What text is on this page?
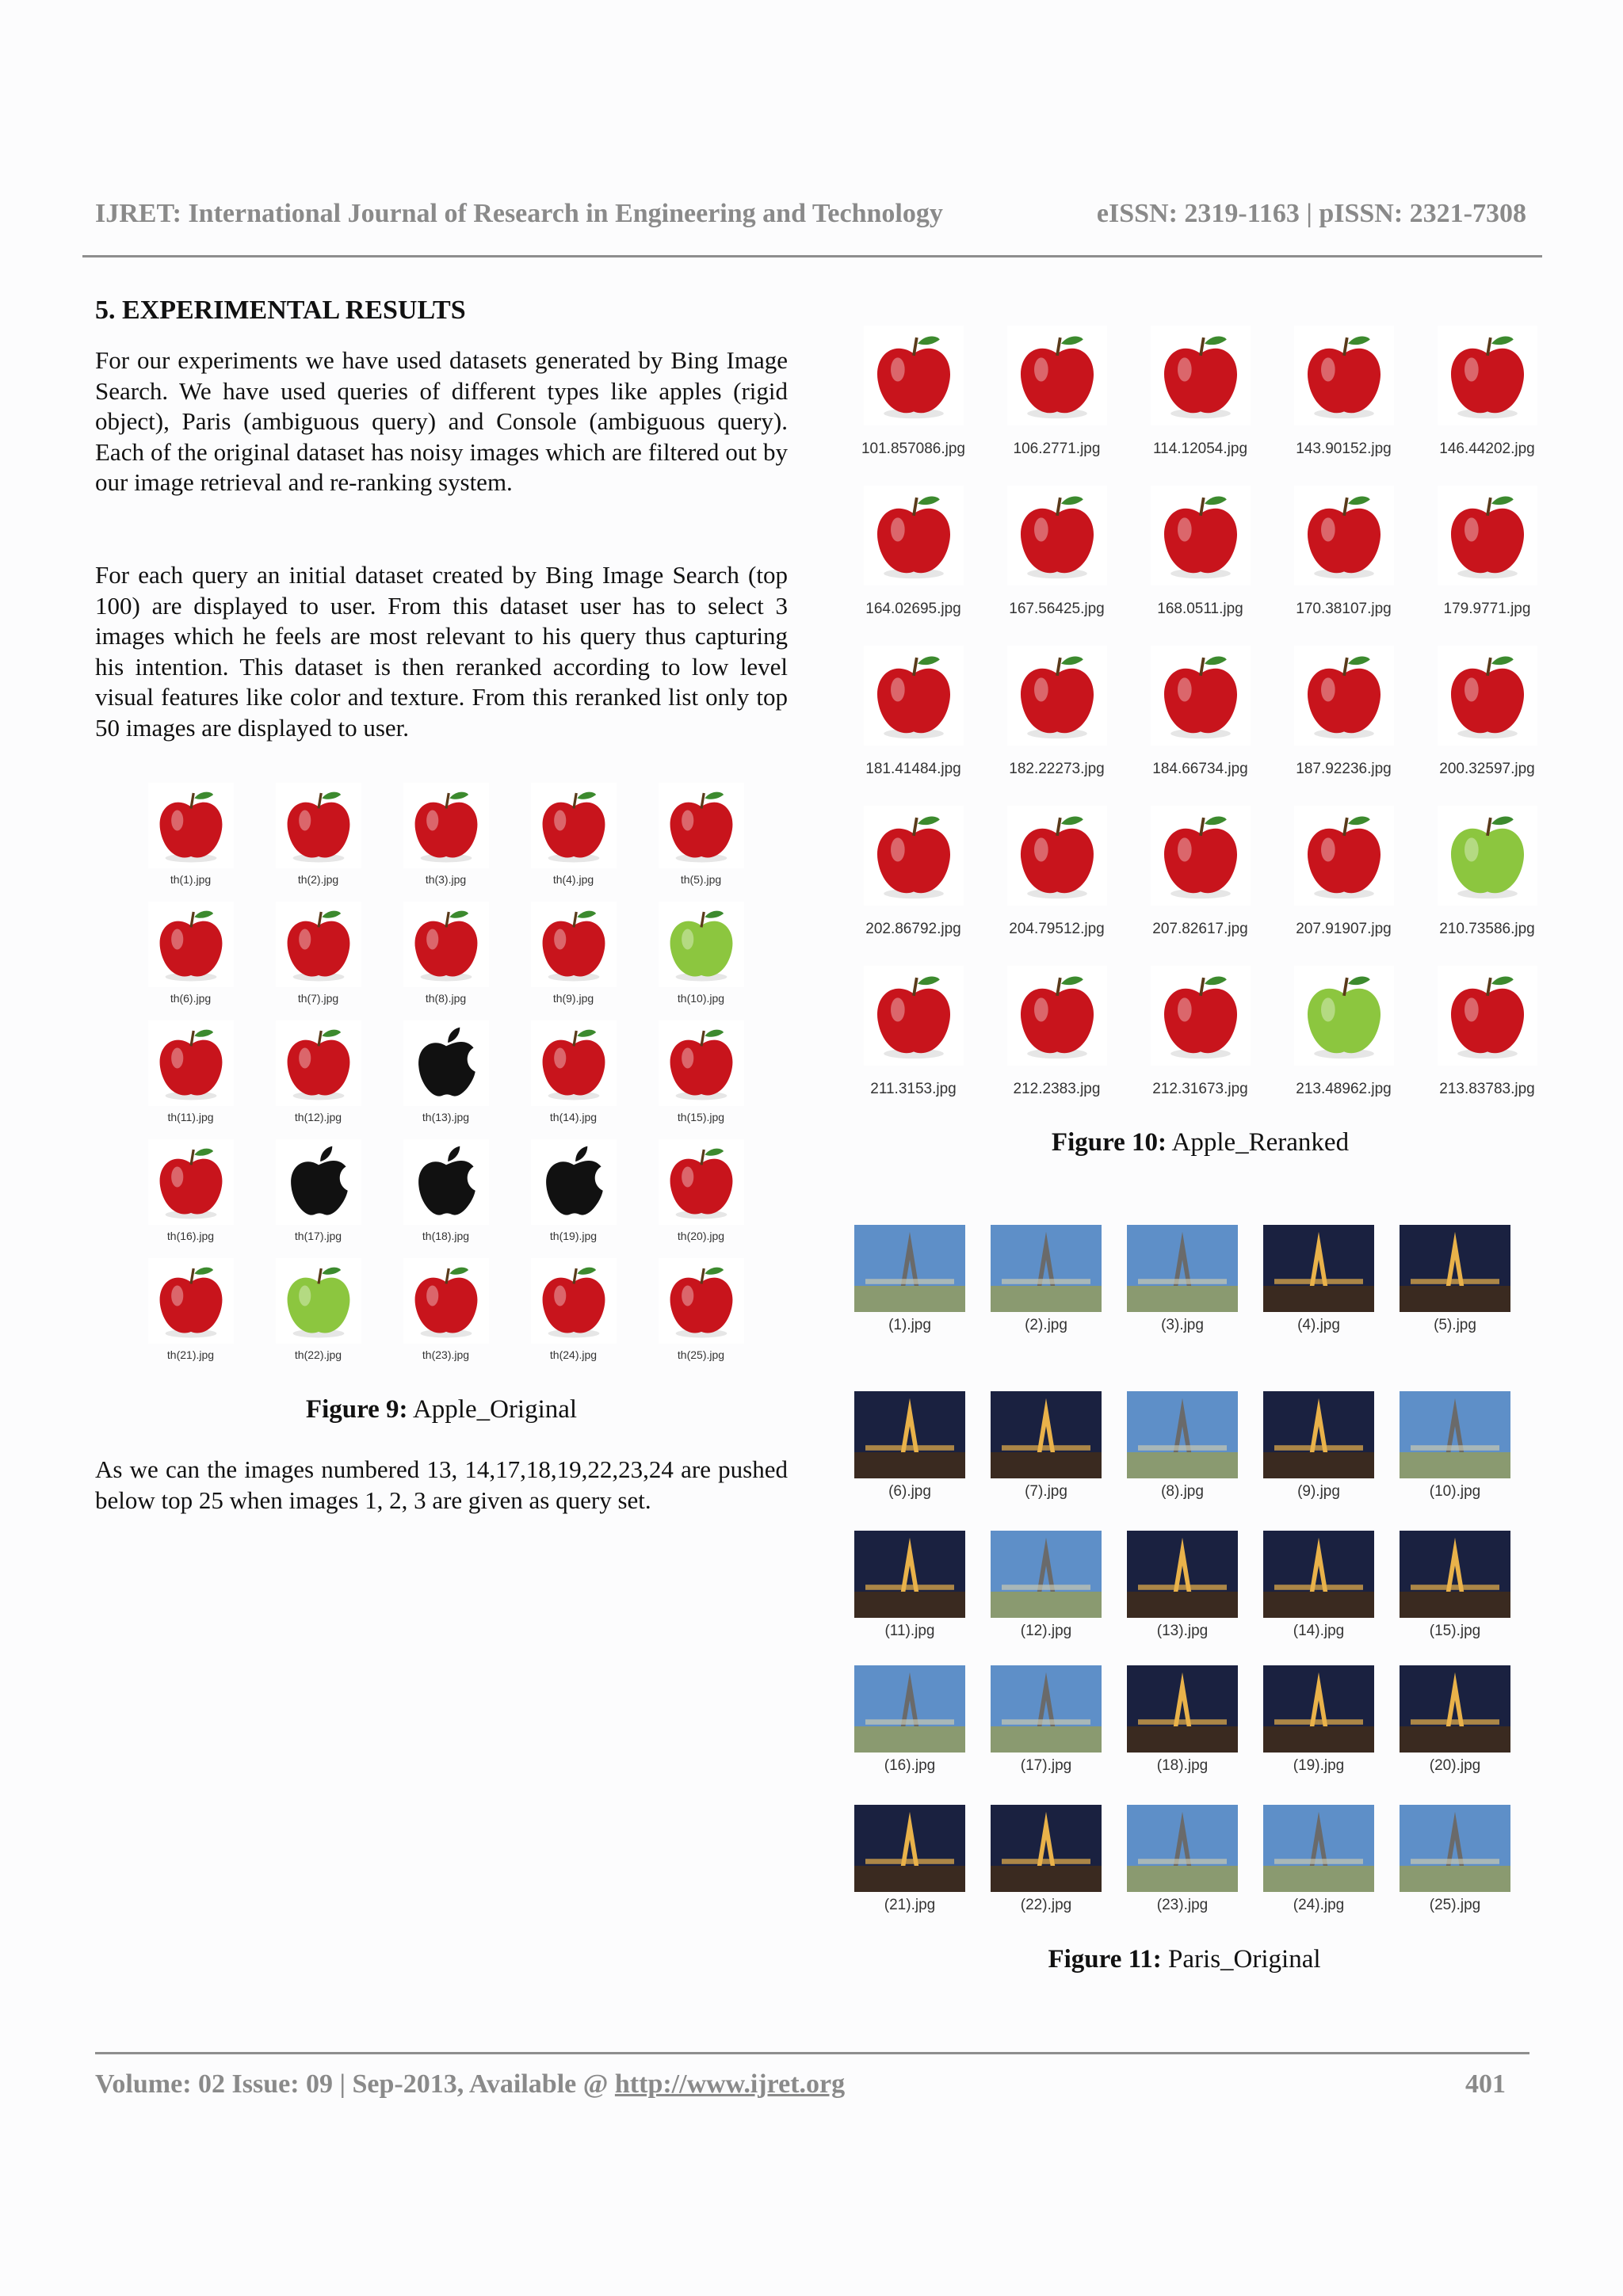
IJRET: International Journal of Research in Engineering and Technology	eISSN: 2319-1163 | pISSN: 2321-7308
5. EXPERIMENTAL RESULTS

For our experiments we have used datasets generated by Bing Image Search. We have used queries of different types like apples (rigid object), Paris (ambiguous query) and Console (ambiguous query). Each of the original dataset has noisy images which are filtered out by our image retrieval and re-ranking system.

For each query an initial dataset created by Bing Image Search (top 100) are displayed to user. From this dataset user has to select 3 images which he feels are most relevant to his query thus capturing his intention. This dataset is then reranked according to low level visual features like color and texture. From this reranked list only top 50 images are displayed to user.

th(1).jpg	th(2).jpg	th(3).jpg	th(4).jpg	th(5).jpg
th(6).jpg	th(7).jpg	th(8).jpg	th(9).jpg	th(10).jpg
th(11).jpg	th(12).jpg	th(13).jpg	th(14).jpg	th(15).jpg
th(16).jpg	th(17).jpg	th(18).jpg	th(19).jpg	th(20).jpg
th(21).jpg	th(22).jpg	th(23).jpg	th(24).jpg	th(25).jpg
Figure 9: Apple_Original

As we can the images numbered 13, 14,17,18,19,22,23,24 are pushed below top 25 when images 1, 2, 3 are given as query set.

101.857086.jpg	106.2771.jpg	114.12054.jpg	143.90152.jpg	146.44202.jpg
164.02695.jpg	167.56425.jpg	168.0511.jpg	170.38107.jpg	179.9771.jpg
181.41484.jpg	182.22273.jpg	184.66734.jpg	187.92236.jpg	200.32597.jpg
202.86792.jpg	204.79512.jpg	207.82617.jpg	207.91907.jpg	210.73586.jpg
211.3153.jpg	212.2383.jpg	212.31673.jpg	213.48962.jpg	213.83783.jpg
Figure 10: Apple_Reranked
(1).jpg	(2).jpg	(3).jpg	(4).jpg	(5).jpg
(6).jpg	(7).jpg	(8).jpg	(9).jpg	(10).jpg
(11).jpg	(12).jpg	(13).jpg	(14).jpg	(15).jpg
(16).jpg	(17).jpg	(18).jpg	(19).jpg	(20).jpg
(21).jpg	(22).jpg	(23).jpg	(24).jpg	(25).jpg
Figure 11: Paris_Original
Volume: 02 Issue: 09 | Sep-2013, Available @ http://www.ijret.org	401
